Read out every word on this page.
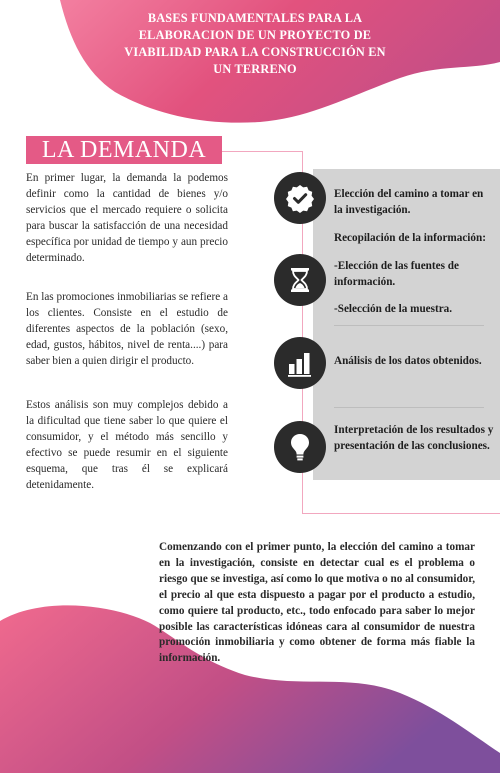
BASES FUNDAMENTALES PARA LA ELABORACION DE UN PROYECTO DE VIABILIDAD PARA LA CONSTRUCCIÓN EN UN TERRENO
LA DEMANDA
En primer lugar, la demanda la podemos definir como la cantidad de bienes y/o servicios que el mercado requiere o solicita para buscar la satisfacción de una necesidad específica por unidad de tiempo y aun precio determinado.
En las promociones inmobiliarias se refiere a los clientes. Consiste en el estudio de diferentes aspectos de la población (sexo, edad, gustos, hábitos, nivel de renta....) para saber bien a quien dirigir el producto.
Estos análisis son muy complejos debido a la dificultad que tiene saber lo que quiere el consumidor, y el método más sencillo y efectivo se puede resumir en el siguiente esquema, que tras él se explicará detenidamente.
Elección del camino a tomar en la investigación.
Recopilación de la información:
-Elección de las fuentes de información.
-Selección de la muestra.
Análisis de los datos obtenidos.
Interpretación de los resultados y presentación de las conclusiones.
Comenzando con el primer punto, la elección del camino a tomar en la investigación, consiste en detectar cual es el problema o riesgo que se investiga, así como lo que motiva o no al consumidor, el precio al que esta dispuesto a pagar por el producto a estudio, como quiere tal producto, etc., todo enfocado para saber lo mejor posible las características idóneas cara al consumidor de nuestra promoción inmobiliaria y como obtener de forma más fiable la información.
